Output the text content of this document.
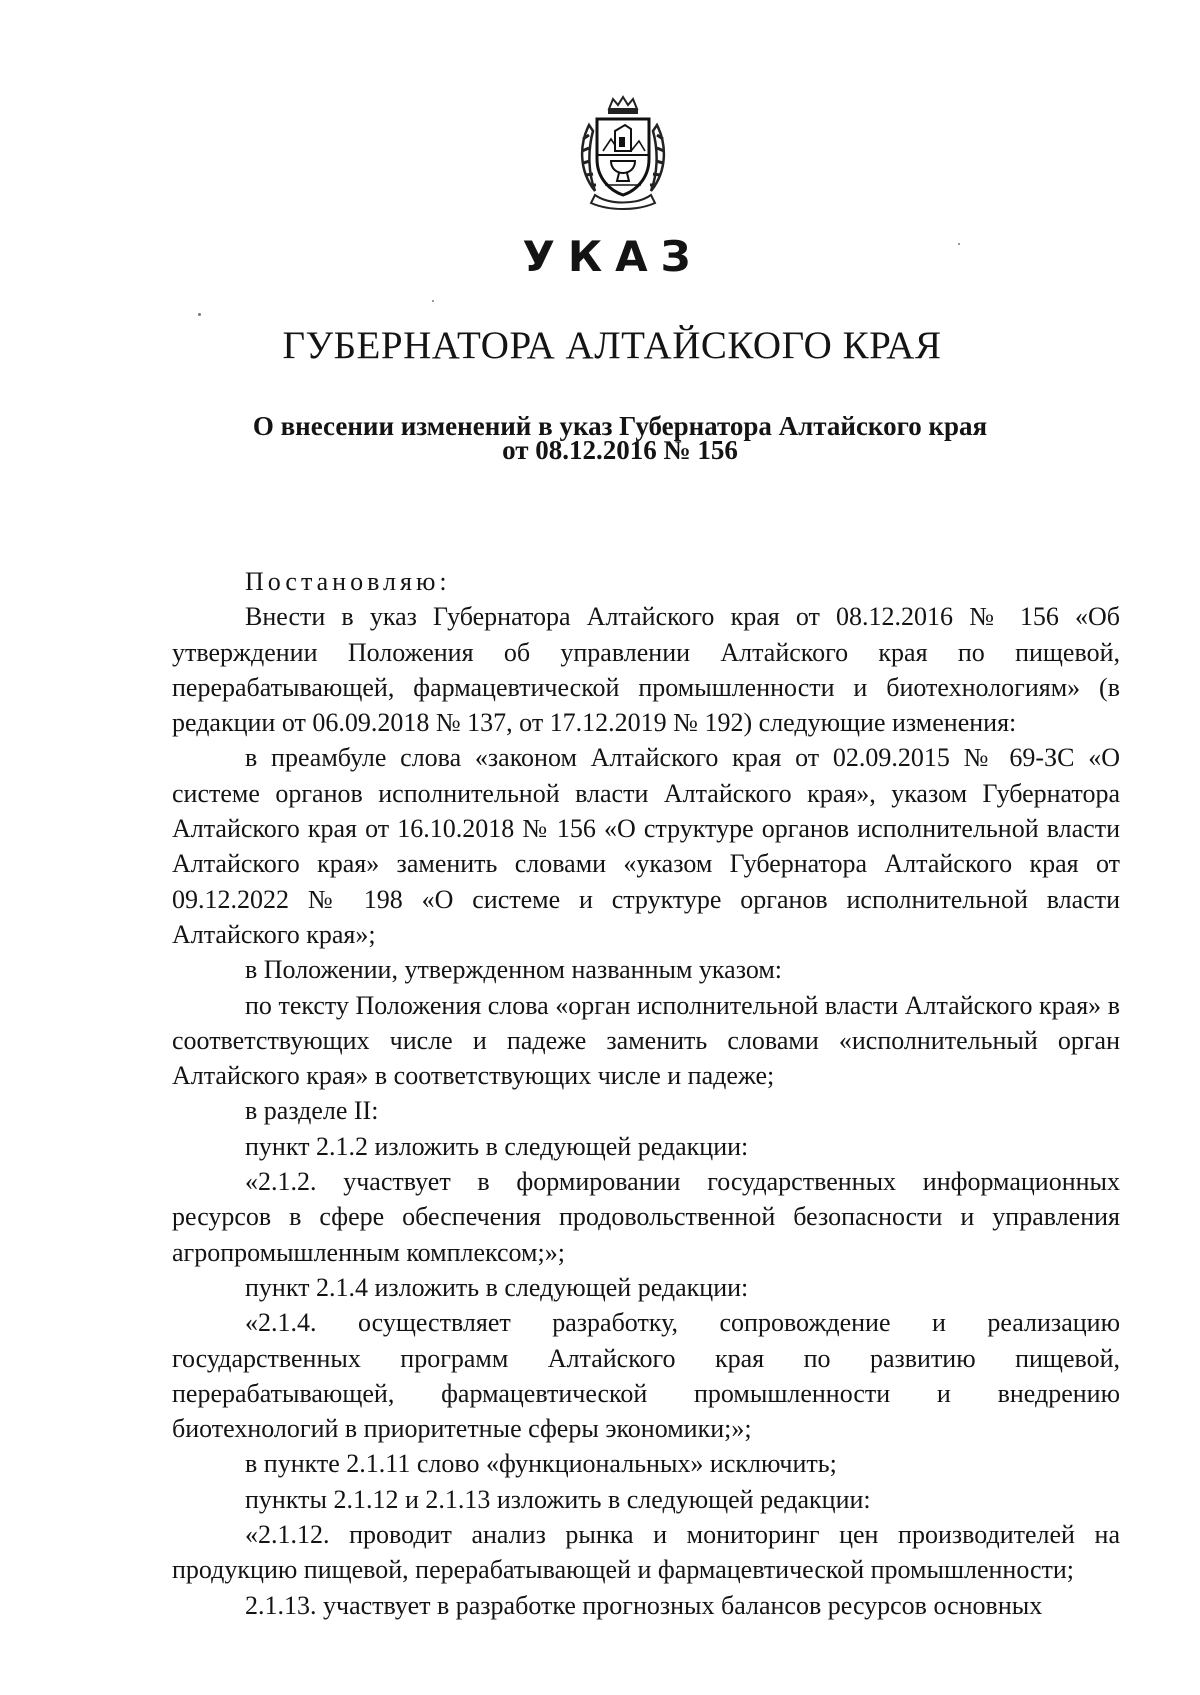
УКАЗ
ГУБЕРНАТОРА АЛТАЙСКОГО КРАЯ
О внесении изменений в указ Губернатора Алтайского края
от 08.12.2016 № 156

Постановляю:

Внести в указ Губернатора Алтайского края от 08.12.2016 № 156 «Об утверждении Положения об управлении Алтайского края по пищевой, перерабатывающей, фармацевтической промышленности и биотехнологиям» (в редакции от 06.09.2018 № 137, от 17.12.2019 № 192) следующие изменения:

в преамбуле слова «законом Алтайского края от 02.09.2015 № 69-ЗС «О системе органов исполнительной власти Алтайского края», указом Губернатора Алтайского края от 16.10.2018 № 156 «О структуре органов исполнительной власти Алтайского края» заменить словами «указом Губернатора Алтайского края от 09.12.2022 № 198 «О системе и структуре органов исполнительной власти Алтайского края»;

в Положении, утвержденном названным указом:

по тексту Положения слова «орган исполнительной власти Алтайского края» в соответствующих числе и падеже заменить словами «исполнительный орган Алтайского края» в соответствующих числе и падеже;

в разделе II:

пункт 2.1.2 изложить в следующей редакции:

«2.1.2. участвует в формировании государственных информационных ресурсов в сфере обеспечения продовольственной безопасности и управления агропромышленным комплексом;»;

пункт 2.1.4 изложить в следующей редакции:

«2.1.4. осуществляет разработку, сопровождение и реализацию государственных программ Алтайского края по развитию пищевой, перерабатывающей, фармацевтической промышленности и внедрению биотехнологий в приоритетные сферы экономики;»;

в пункте 2.1.11 слово «функциональных» исключить;

пункты 2.1.12 и 2.1.13 изложить в следующей редакции:

«2.1.12. проводит анализ рынка и мониторинг цен производителей на продукцию пищевой, перерабатывающей и фармацевтической промышленности;

2.1.13. участвует в разработке прогнозных балансов ресурсов основных
